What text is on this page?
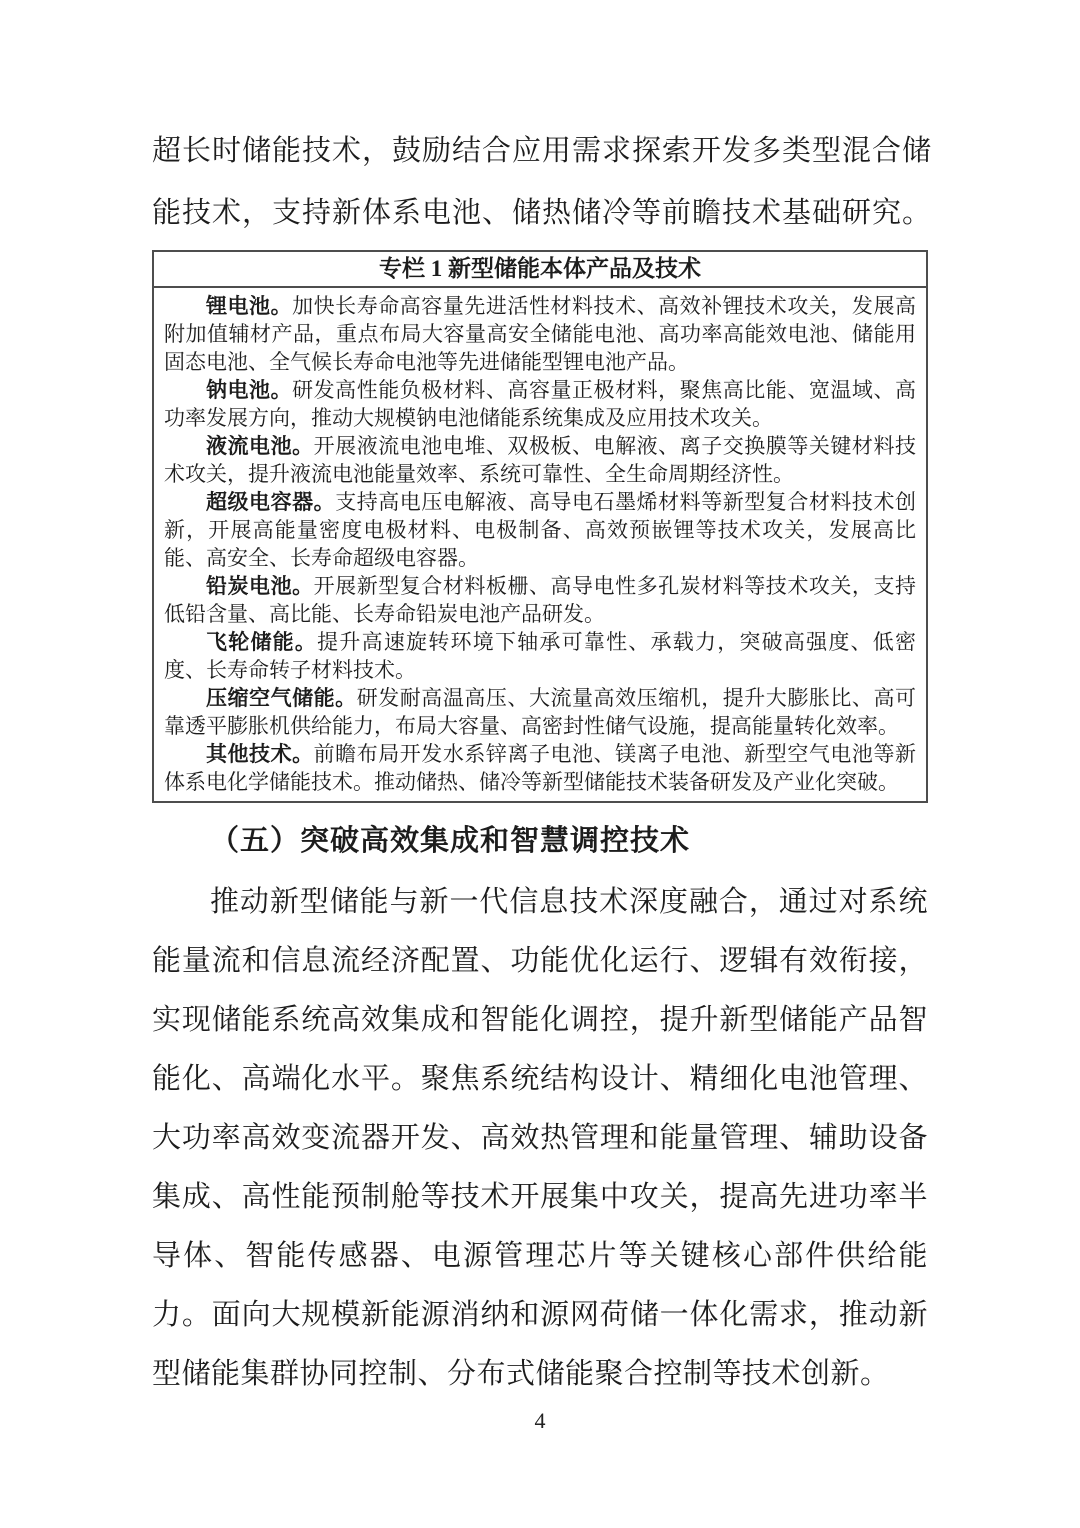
超长时储能技术，鼓励结合应用需求探索开发多类型混合储
能技术，支持新体系电池、储热储冷等前瞻技术基础研究。
专栏 1 新型储能本体产品及技术

锂电池。加快长寿命高容量先进活性材料技术、高效补锂技术攻关，发展高附加值辅材产品，重点布局大容量高安全储能电池、高功率高能效电池、储能用固态电池、全气候长寿命电池等先进储能型锂电池产品。

钠电池。研发高性能负极材料、高容量正极材料，聚焦高比能、宽温域、高功率发展方向，推动大规模钠电池储能系统集成及应用技术攻关。

液流电池。开展液流电池电堆、双极板、电解液、离子交换膜等关键材料技术攻关，提升液流电池能量效率、系统可靠性、全生命周期经济性。

超级电容器。支持高电压电解液、高导电石墨烯材料等新型复合材料技术创新，开展高能量密度电极材料、电极制备、高效预嵌锂等技术攻关，发展高比能、高安全、长寿命超级电容器。

铅炭电池。开展新型复合材料板栅、高导电性多孔炭材料等技术攻关，支持低铅含量、高比能、长寿命铅炭电池产品研发。

飞轮储能。提升高速旋转环境下轴承可靠性、承载力，突破高强度、低密度、长寿命转子材料技术。

压缩空气储能。研发耐高温高压、大流量高效压缩机，提升大膨胀比、高可靠透平膨胀机供给能力，布局大容量、高密封性储气设施，提高能量转化效率。

其他技术。前瞻布局开发水系锌离子电池、镁离子电池、新型空气电池等新体系电化学储能技术。推动储热、储冷等新型储能技术装备研发及产业化突破。

（五）突破高效集成和智慧调控技术

推动新型储能与新一代信息技术深度融合，通过对系统能量流和信息流经济配置、功能优化运行、逻辑有效衔接，实现储能系统高效集成和智能化调控，提升新型储能产品智能化、高端化水平。聚焦系统结构设计、精细化电池管理、大功率高效变流器开发、高效热管理和能量管理、辅助设备集成、高性能预制舱等技术开展集中攻关，提高先进功率半导体、智能传感器、电源管理芯片等关键核心部件供给能力。面向大规模新能源消纳和源网荷储一体化需求，推动新型储能集群协同控制、分布式储能聚合控制等技术创新。

4
